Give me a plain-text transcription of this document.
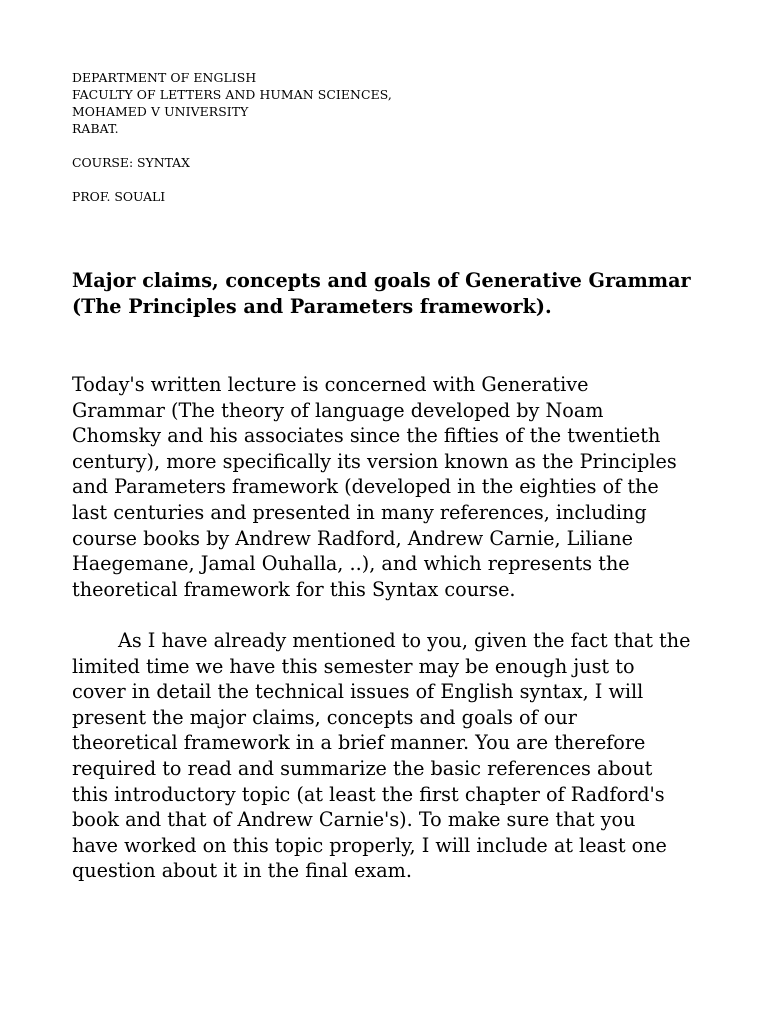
DEPARTMENT OF ENGLISH
FACULTY OF LETTERS AND HUMAN SCIENCES,
MOHAMED V UNIVERSITY
RABAT.
COURSE: SYNTAX
PROF. SOUALI
Major claims, concepts and goals of Generative Grammar
(The Principles and Parameters framework).
Today's written lecture is concerned with Generative
Grammar (The theory of language developed by Noam
Chomsky and his associates since the fifties of the twentieth
century), more specifically its version known as the Principles
and Parameters framework (developed in the eighties of the
last centuries and presented in many references, including
course books by Andrew Radford, Andrew Carnie, Liliane
Haegemane, Jamal Ouhalla, ..), and which represents the
theoretical framework for this Syntax course.
As I have already mentioned to you, given the fact that the
limited time we have this semester may be enough just to
cover in detail the technical issues of English syntax, I will
present the major claims, concepts and goals of our
theoretical framework in a brief manner. You are therefore
required to read and summarize the basic references about
this introductory topic (at least the first chapter of Radford's
book and that of Andrew Carnie's). To make sure that you
have worked on this topic properly, I will include at least one
question about it in the final exam.
